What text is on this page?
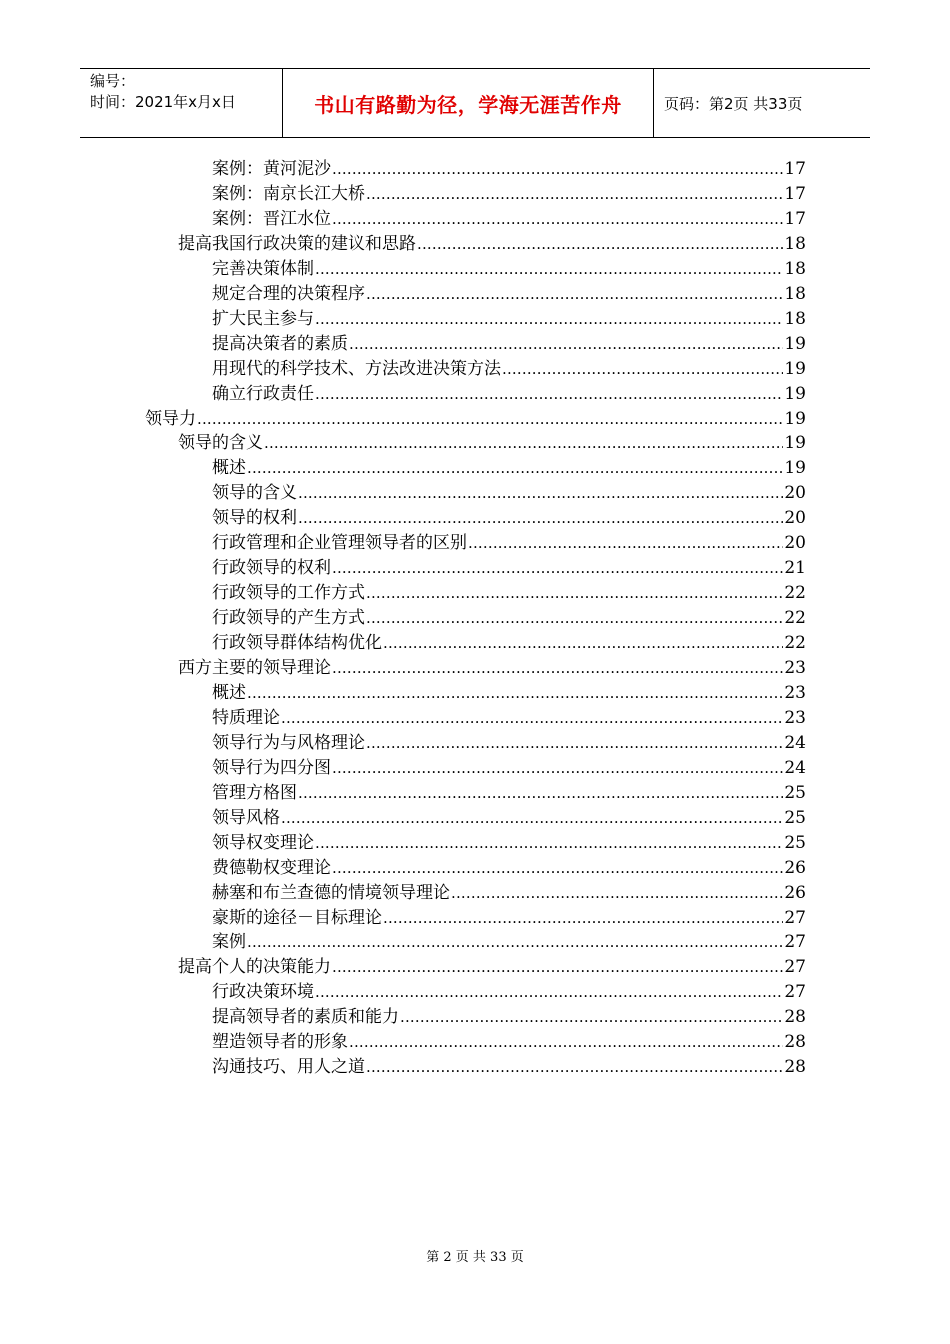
编号：
时间：2021年x月x日	书山有路勤为径，学海无涯苦作舟	页码：第2页 共33页
案例：黄河泥沙 .....	17
案例：南京长江大桥 .....	17
案例：晋江水位 .....	17
提高我国行政决策的建议和思路 .....	18
完善决策体制 .....	18
规定合理的决策程序 .....	18
扩大民主参与 .....	18
提高决策者的素质 .....	19
用现代的科学技术、方法改进决策方法 .....	19
确立行政责任 .....	19
领导力 .....	19
领导的含义 .....	19
概述 .....	19
领导的含义 .....	20
领导的权利 .....	20
行政管理和企业管理领导者的区别 .....	20
行政领导的权利 .....	21
行政领导的工作方式 .....	22
行政领导的产生方式 .....	22
行政领导群体结构优化 .....	22
西方主要的领导理论 .....	23
概述 .....	23
特质理论 .....	23
领导行为与风格理论 .....	24
领导行为四分图 .....	24
管理方格图 .....	25
领导风格 .....	25
领导权变理论 .....	25
费德勒权变理论 .....	26
赫塞和布兰查德的情境领导理论 .....	26
豪斯的途径－目标理论 .....	27
案例 .....	27
提高个人的决策能力 .....	27
行政决策环境 .....	27
提高领导者的素质和能力 .....	28
塑造领导者的形象 .....	28
沟通技巧、用人之道 .....	28
第 2 页 共 33 页
